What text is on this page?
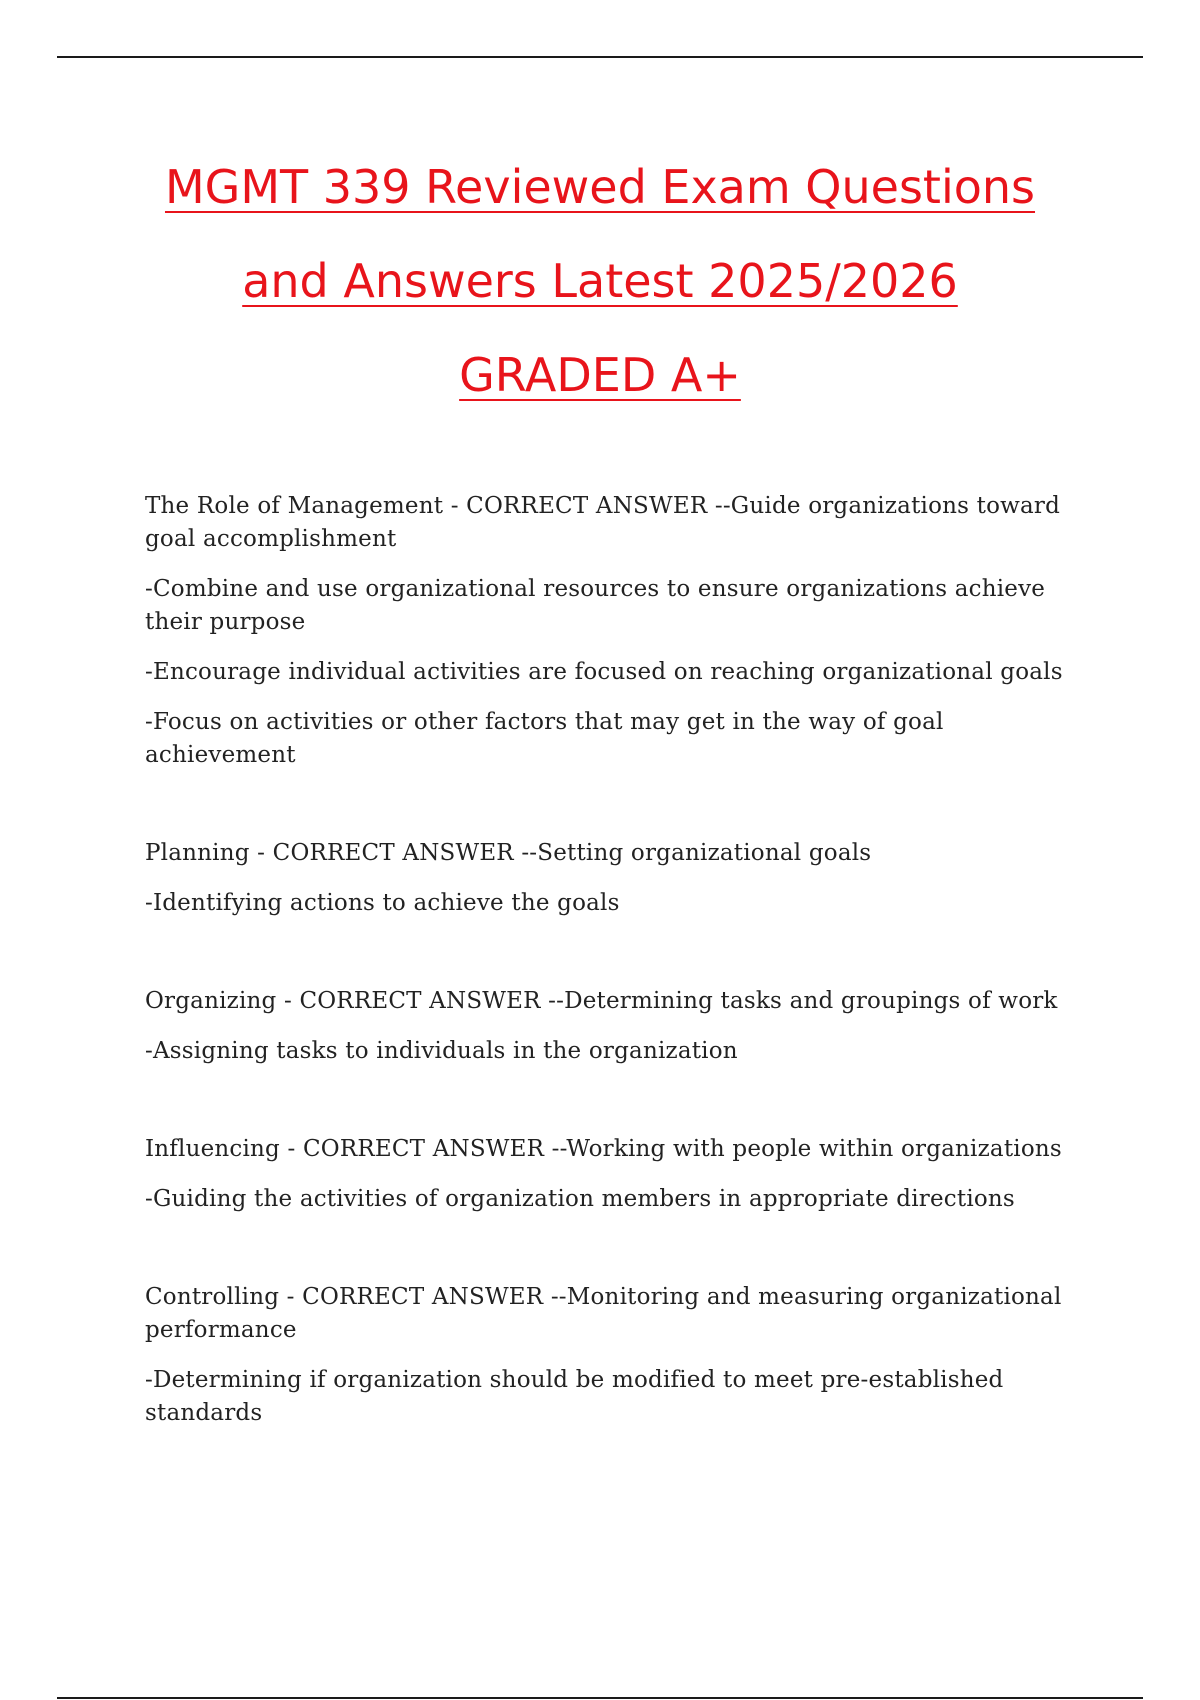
MGMT 339 Reviewed Exam Questions
and Answers Latest 2025/2026
GRADED A+

The Role of Management - CORRECT ANSWER --Guide organizations toward goal accomplishment

-Combine and use organizational resources to ensure organizations achieve their purpose

-Encourage individual activities are focused on reaching organizational goals

-Focus on activities or other factors that may get in the way of goal achievement

Planning - CORRECT ANSWER --Setting organizational goals

-Identifying actions to achieve the goals

Organizing - CORRECT ANSWER --Determining tasks and groupings of work

-Assigning tasks to individuals in the organization

Influencing - CORRECT ANSWER --Working with people within organizations

-Guiding the activities of organization members in appropriate directions

Controlling - CORRECT ANSWER --Monitoring and measuring organizational performance

-Determining if organization should be modified to meet pre-established standards
